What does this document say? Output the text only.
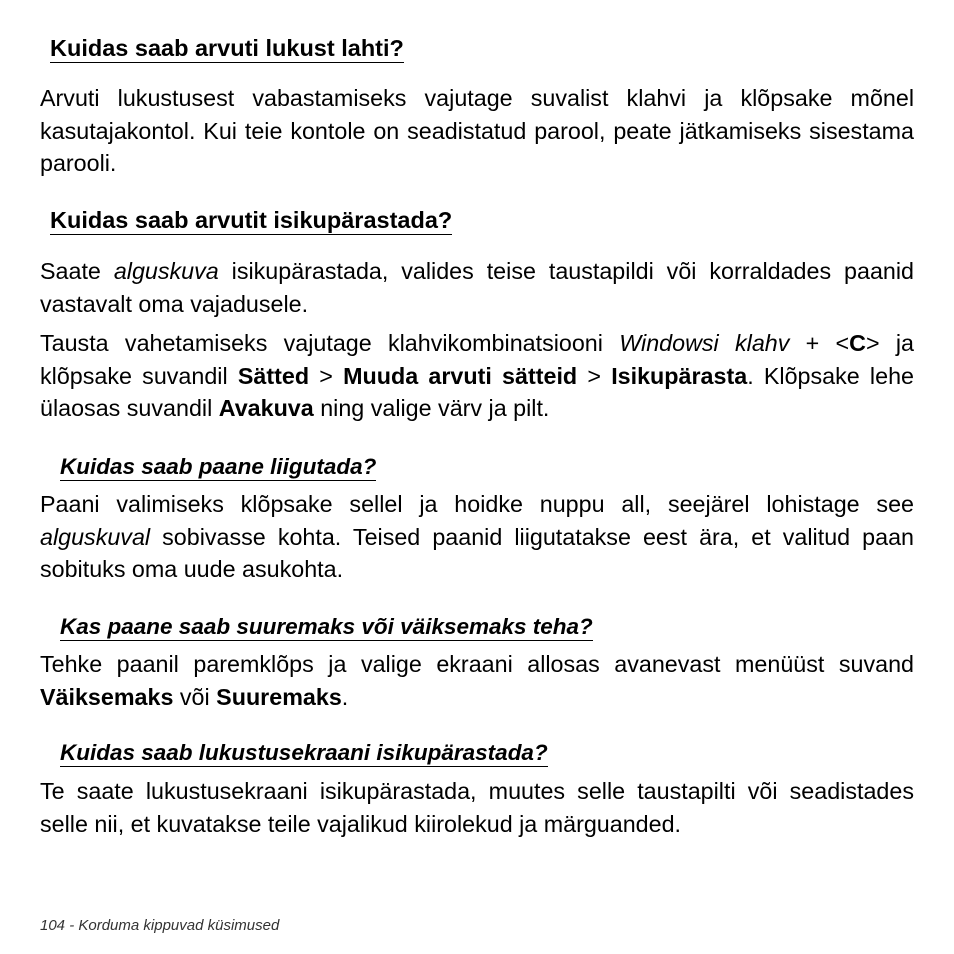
Kuidas saab arvuti lukust lahti?

Arvuti lukustusest vabastamiseks vajutage suvalist klahvi ja klõpsake mõnel kasutajakontol. Kui teie kontole on seadistatud parool, peate jätkamiseks sisestama parooli.

Kuidas saab arvutit isikupärastada?

Saate alguskuva isikupärastada, valides teise taustapildi või korraldades paanid vastavalt oma vajadusele.

Tausta vahetamiseks vajutage klahvikombinatsiooni Windowsi klahv + <C> ja klõpsake suvandil Sätted > Muuda arvuti sätteid > Isikupärasta. Klõpsake lehe ülaosas suvandil Avakuva ning valige värv ja pilt.

Kuidas saab paane liigutada?

Paani valimiseks klõpsake sellel ja hoidke nuppu all, seejärel lohistage see alguskuval sobivasse kohta. Teised paanid liigutatakse eest ära, et valitud paan sobituks oma uude asukohta.

Kas paane saab suuremaks või väiksemaks teha?

Tehke paanil paremklõps ja valige ekraani allosas avanevast menüüst suvand Väiksemaks või Suuremaks.

Kuidas saab lukustusekraani isikupärastada?

Te saate lukustusekraani isikupärastada, muutes selle taustapilti või seadistades selle nii, et kuvatakse teile vajalikud kiirolekud ja märguanded.

104 - Korduma kippuvad küsimused
